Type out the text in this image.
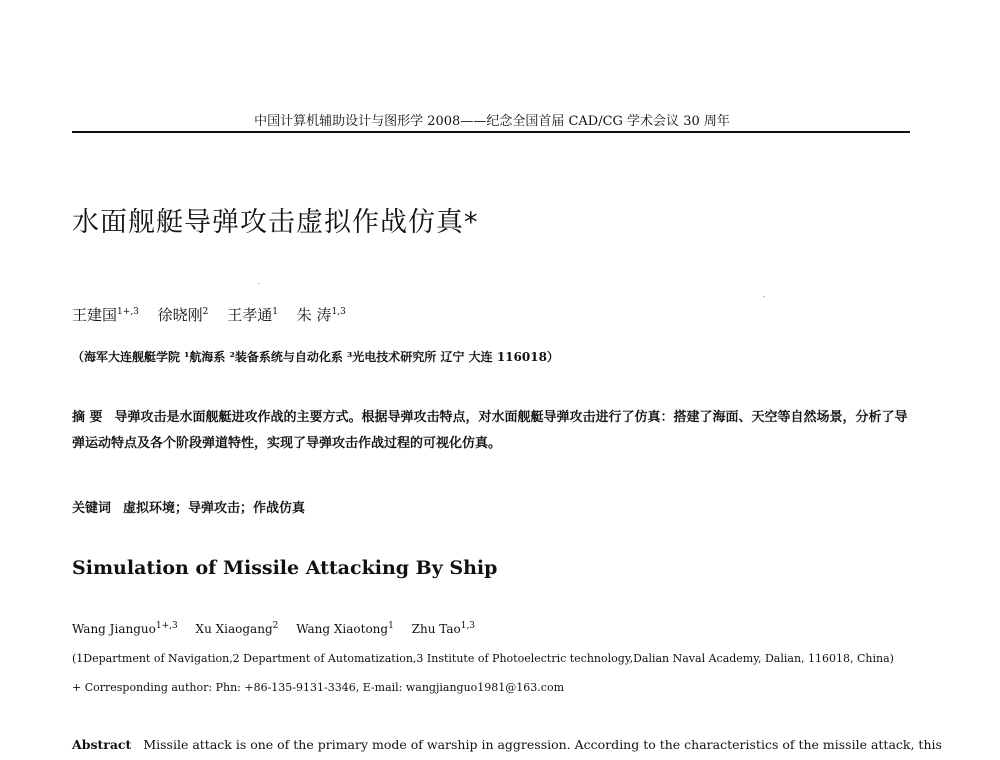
中国计算机辅助设计与图形学 2008——纪念全国首届 CAD/CG 学术会议 30 周年
水面舰艇导弹攻击虚拟作战仿真*
王建国$^{1+,3}$ 徐晓刚$^2$ 王孝通$^1$ 朱 涛$^{1,3}$
（海军大连舰艇学院 ¹航海系 ²装备系统与自动化系 ³光电技术研究所 辽宁 大连 116018）
摘 要 导弹攻击是水面舰艇进攻作战的主要方式。根据导弹攻击特点，对水面舰艇导弹攻击进行了仿真：搭建了海面、天空等自然场景，分析了导弹运动特点及各个阶段弹道特性，实现了导弹攻击作战过程的可视化仿真。
关键词 虚拟环境；导弹攻击；作战仿真
Simulation of Missile Attacking By Ship
Wang Jianguo$^{1+,3}$ Xu Xiaogang$^2$ Wang Xiaotong$^1$ Zhu Tao$^{1,3}$
(1Department of Navigation,2 Department of Automatization,3 Institute of Photoelectric technology,Dalian Naval Academy, Dalian, 116018, China)
+ Corresponding author: Phn: +86-135-9131-3346, E-mail: wangjianguo1981@163.com
Abstract Missile attack is one of the primary mode of warship in aggression. According to the characteristics of the missile attack, this
